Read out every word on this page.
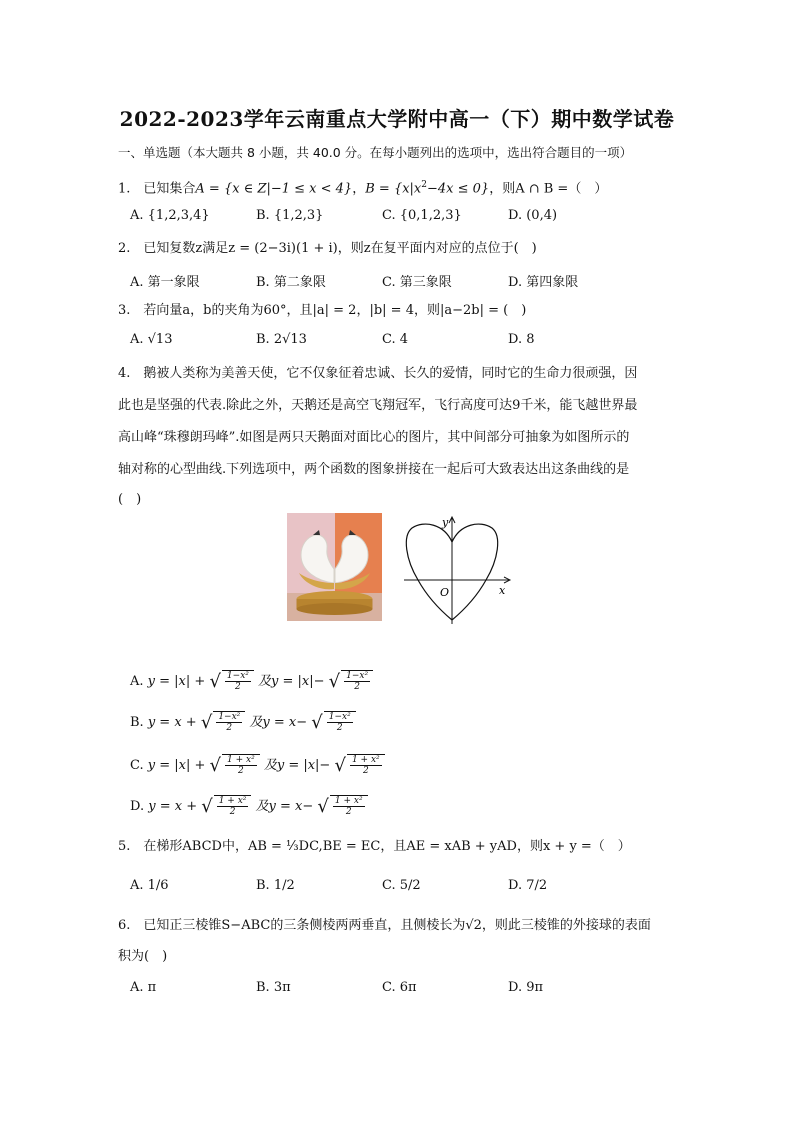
2022-2023学年云南重点大学附中高一（下）期中数学试卷
一、单选题（本大题共 8 小题，共 40.0 分。在每小题列出的选项中，选出符合题目的一项）
1.　已知集合A = {x ∈ Z|−1 ≤ x < 4}，$B = \{x|x^2-4x \le 0\}$，则A ∩ B =（　）
A. {1,2,3,4}	B. {1,2,3}	C. {0,1,2,3}	D. (0,4)
2.　已知复数z满足z = (2−3i)(1 + i)，则z在复平面内对应的点位于(　)
A. 第一象限	B. 第二象限	C. 第三象限	D. 第四象限
3.　若向量a，b的夹角为60°，且|a| = 2，|b| = 4，则|a−2b| = (　)
A. √13	B. 2√13	C. 4	D. 8
4.　鹅被人类称为美善天使，它不仅象征着忠诚、长久的爱情，同时它的生命力很顽强，因
此也是坚强的代表.除此之外，天鹅还是高空飞翔冠军，飞行高度可达9千米，能飞越世界最
高山峰“珠穆朗玛峰”.如图是两只天鹅面对面比心的图片，其中间部分可抽象为如图所示的
轴对称的心型曲线.下列选项中，两个函数的图象拼接在一起后可大致表达出这条曲线的是
(　)
y
x
O
A. y = |x| + √ $\frac{\text{1−x²}}{2}$ 及y = |x|− √ $\frac{\text{1−x²}}{2}$
B. y = x + √ $\frac{\text{1−x²}}{2}$ 及y = x− √ $\frac{\text{1−x²}}{2}$
C. y = |x| + √ $\frac{\text{1 + x²}}{2}$ 及y = |x|− √ $\frac{\text{1 + x²}}{2}$
D. y = x + √ $\frac{\text{1 + x²}}{2}$ 及y = x− √ $\frac{\text{1 + x²}}{2}$
5.　在梯形ABCD中，AB = ⅓DC,BE = EC，且AE = xAB + yAD，则x + y =（　）
A. 1/6	B. 1/2	C. 5/2	D. 7/2
6.　已知正三棱锥S−ABC的三条侧棱两两垂直，且侧棱长为√2，则此三棱锥的外接球的表面
积为(　)
A. π	B. 3π	C. 6π	D. 9π
